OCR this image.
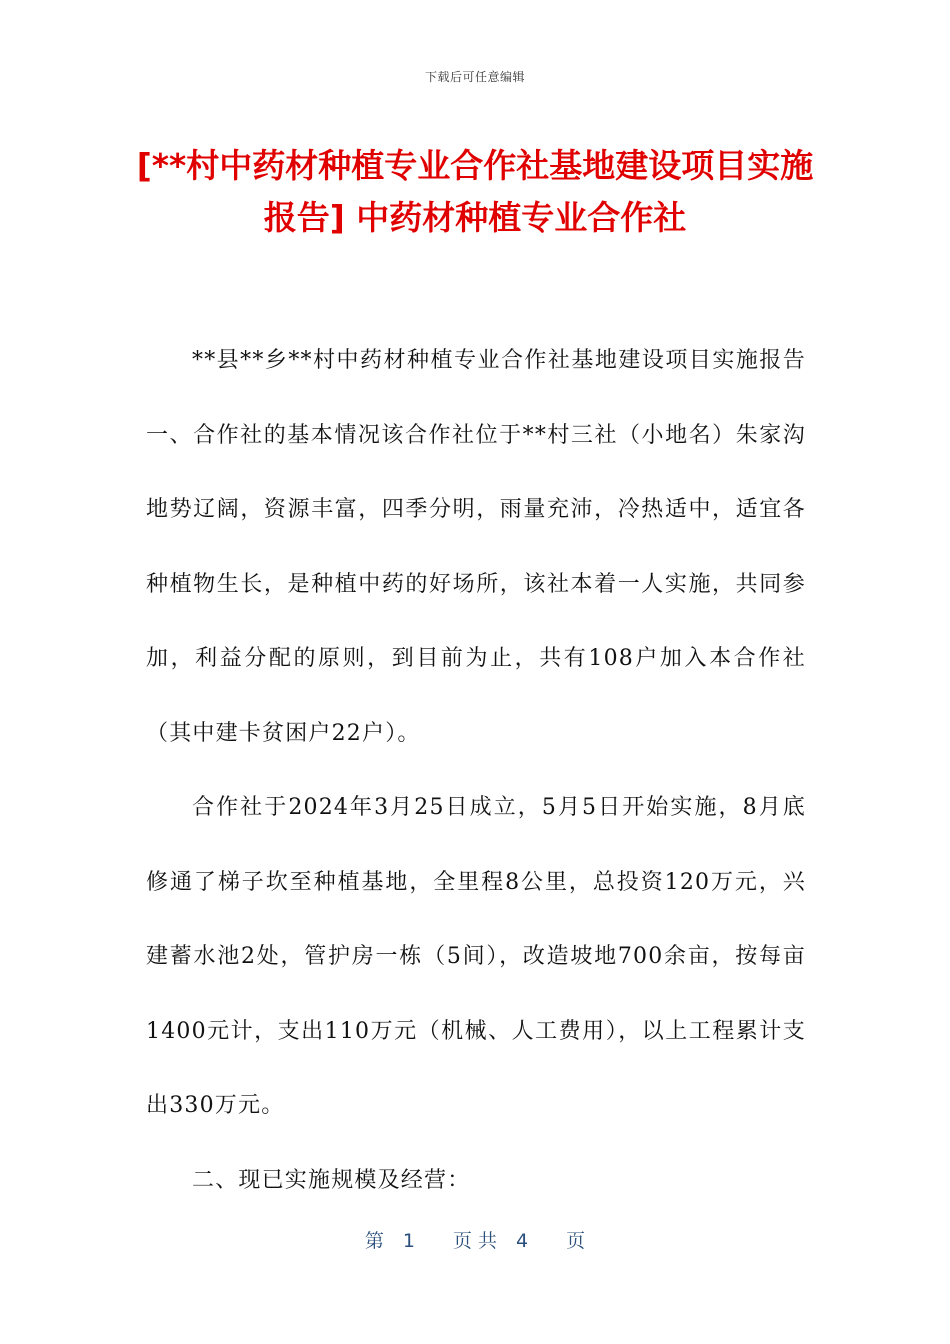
下载后可任意编辑
[**村中药材种植专业合作社基地建设项目实施报告] 中药材种植专业合作社

**县**乡**村中药材种植专业合作社基地建设项目实施报告一、合作社的基本情况该合作社位于**村三社（小地名）朱家沟地势辽阔，资源丰富，四季分明，雨量充沛，冷热适中，适宜各种植物生长，是种植中药的好场所，该社本着一人实施，共同参加，利益分配的原则，到目前为止，共有108户加入本合作社（其中建卡贫困户22户）。

合作社于2024年3月25日成立，5月5日开始实施，8月底修通了梯子坎至种植基地，全里程8公里，总投资120万元，兴建蓄水池2处，管护房一栋（5间），改造坡地700余亩，按每亩1400元计，支出110万元（机械、人工费用），以上工程累计支出330万元。

二、现已实施规模及经营：

第　1　　页 共　4　　页
